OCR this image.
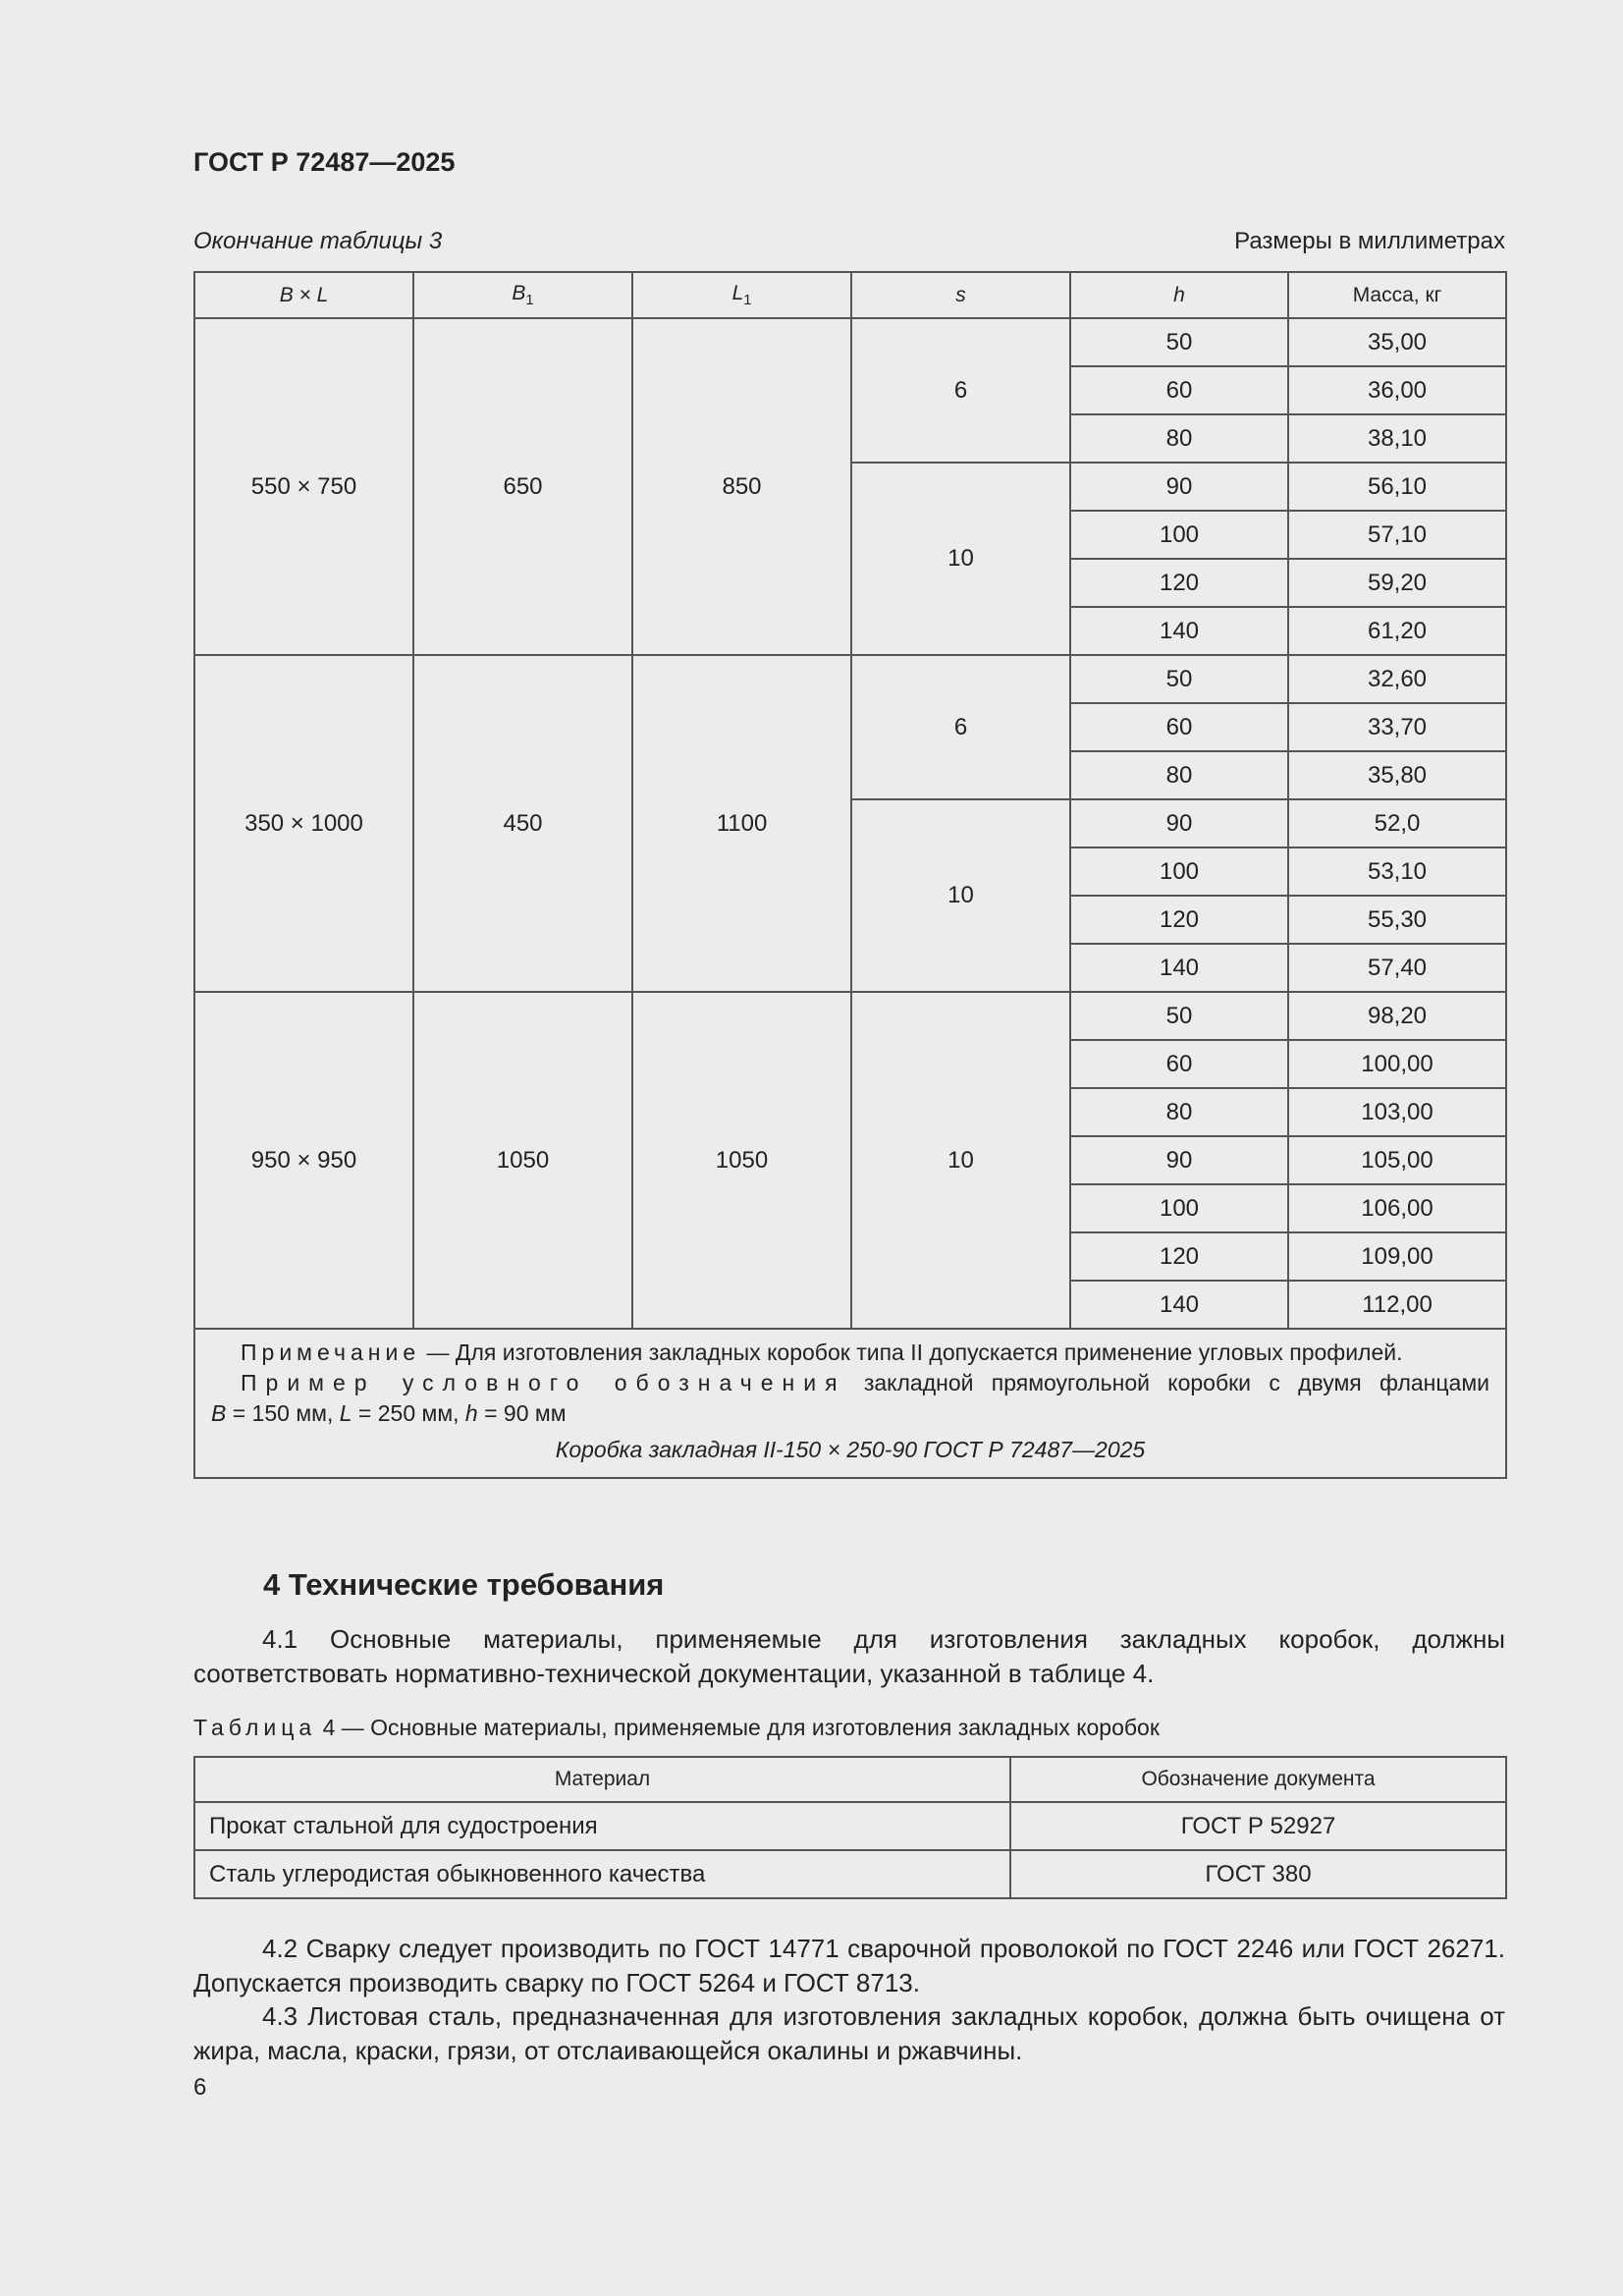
ГОСТ Р 72487—2025
Окончание таблицы 3	Размеры в миллиметрах
B × L	$B_1$	$L_1$	s	h	Масса, кг
550 × 750	650	850	6	50	35,00
				60	36,00
				80	38,10
			10	90	56,10
				100	57,10
				120	59,20
				140	61,20
350 × 1000	450	1100	6	50	32,60
				60	33,70
				80	35,80
			10	90	52,0
				100	53,10
				120	55,30
				140	57,40
950 × 950	1050	1050	10	50	98,20
				60	100,00
				80	103,00
				90	105,00
				100	106,00
				120	109,00
				140	112,00

Примечание — Для изготовления закладных коробок типа II допускается применение угловых профилей.

Пример условного обозначения закладной прямоугольной коробки с двумя фланцами

B = 150 мм, L = 250 мм, h = 90 мм

Коробка закладная II-150 × 250-90 ГОСТ Р 72487—2025					

4 Технические требования
4.1 Основные материалы, применяемые для изготовления закладных коробок, должны соответствовать нормативно-технической документации, указанной в таблице 4.
Таблица 4 — Основные материалы, применяемые для изготовления закладных коробок
Материал	Обозначение документа
Прокат стальной для судостроения	ГОСТ Р 52927
Сталь углеродистая обыкновенного качества	ГОСТ 380
4.2 Сварку следует производить по ГОСТ 14771 сварочной проволокой по ГОСТ 2246 или ГОСТ 26271. Допускается производить сварку по ГОСТ 5264 и ГОСТ 8713.
4.3 Листовая сталь, предназначенная для изготовления закладных коробок, должна быть очищена от жира, масла, краски, грязи, от отслаивающейся окалины и ржавчины.
6
